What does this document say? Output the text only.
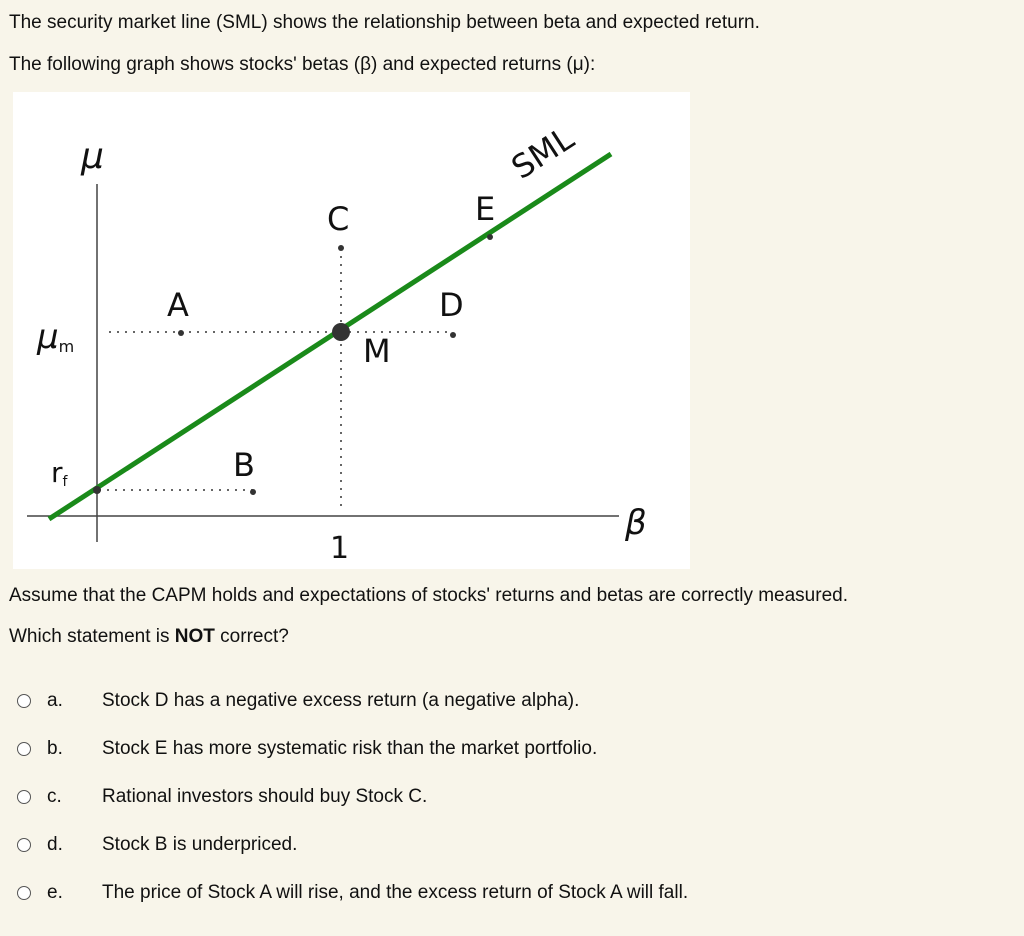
The security market line (SML) shows the relationship between beta and expected return.
The following graph shows stocks' betas (β) and expected returns (μ):
μ
β
μm
rf
1
SML
A
B
C
D
E
M
Assume that the CAPM holds and expectations of stocks' returns and betas are correctly measured.
Which statement is NOT correct?
a.	Stock D has a negative excess return (a negative alpha).
b.	Stock E has more systematic risk than the market portfolio.
c.	Rational investors should buy Stock C.
d.	Stock B is underpriced.
e.	The price of Stock A will rise, and the excess return of Stock A will fall.
